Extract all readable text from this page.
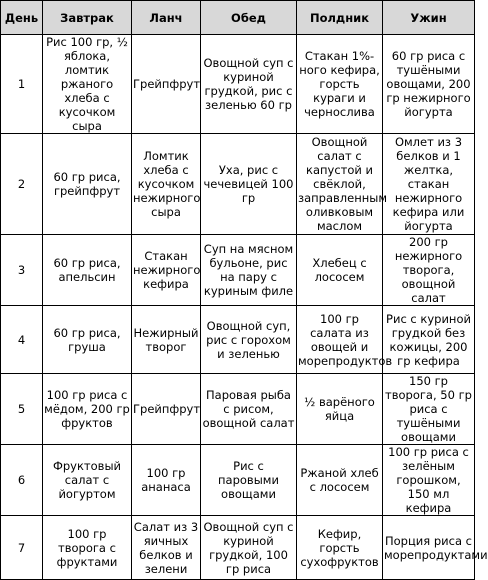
День	Завтрак	Ланч	Обед	Полдник	Ужин
1	Рис 100 гр, ½ яблока, ломтик ржаного хлеба с кусочком сыра	Грейпфрут	Овощной суп с куриной грудкой, рис с зеленью 60 гр	Стакан 1%-ного кефира, горсть кураги и чернослива	60 гр риса с тушёными овощами, 200 гр нежирного йогурта
2	60 гр риса, грейпфрут	Ломтик хлеба с кусочком нежирного сыра	Уха, рис с чечевицей 100 гр	Овощной салат с капустой и свёклой, заправленным оливковым маслом	Омлет из 3 белков и 1 желтка, стакан нежирного кефира или йогурта
3	60 гр риса, апельсин	Стакан нежирного кефира	Суп на мясном бульоне, рис на пару с куриным филе	Хлебец с лососем	200 гр нежирного творога, овощной салат
4	60 гр риса, груша	Нежирный творог	Овощной суп, рис с горохом и зеленью	100 гр салата из овощей и морепродуктов	Рис с куриной грудкой без кожицы, 200 гр кефира
5	100 гр риса с мёдом, 200 гр фруктов	Грейпфрут	Паровая рыба с рисом, овощной салат	½ варёного яйца	150 гр творога, 50 гр риса с тушёными овощами
6	Фруктовый салат с йогуртом	100 гр ананаса	Рис с паровыми овощами	Ржаной хлеб с лососем	100 гр риса с зелёным горошком, 150 мл кефира
7	100 гр творога с фруктами	Салат из 3 яичных белков и зелени	Овощной суп с куриной грудкой, 100 гр риса	Кефир, горсть сухофруктов	Порция риса с морепродуктами
